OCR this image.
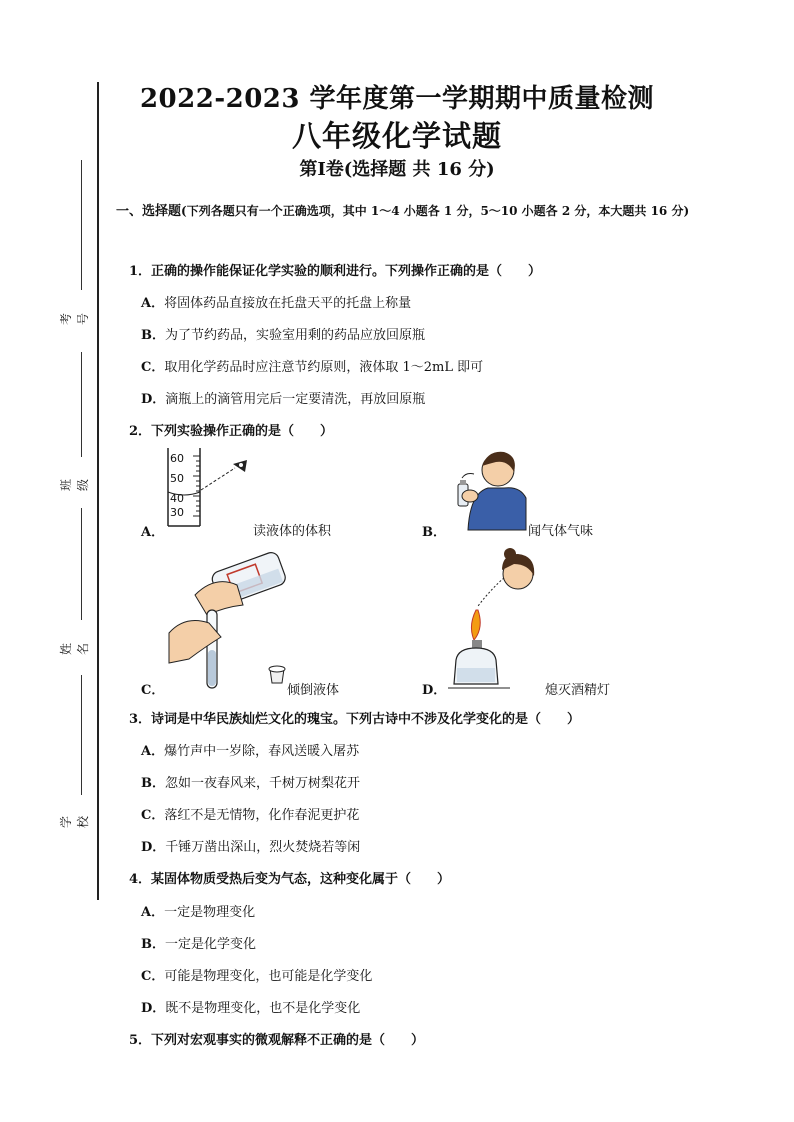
考号
班级
姓名
学校
2022-2023 学年度第一学期期中质量检测
八年级化学试题
第Ⅰ卷(选择题 共 16 分)
一、选择题(下列各题只有一个正确选项，其中 1～4 小题各 1 分，5～10 小题各 2 分，本大题共 16 分)
1．正确的操作能保证化学实验的顺利进行。下列操作正确的是（　　）
A．将固体药品直接放在托盘天平的托盘上称量
B．为了节约药品，实验室用剩的药品应放回原瓶
C．取用化学药品时应注意节约原则，液体取 1～2mL 即可
D．滴瓶上的滴管用完后一定要清洗，再放回原瓶
2．下列实验操作正确的是（　　）
60
50
40
30
A．	读液体的体积	B．	闻气体气味
C．	倾倒液体	D．	熄灭酒精灯
3．诗词是中华民族灿烂文化的瑰宝。下列古诗中不涉及化学变化的是（　　）
A．爆竹声中一岁除，春风送暖入屠苏
B．忽如一夜春风来，千树万树梨花开
C．落红不是无情物，化作春泥更护花
D．千锤万凿出深山，烈火焚烧若等闲
4．某固体物质受热后变为气态，这种变化属于（　　）
A．一定是物理变化
B．一定是化学变化
C．可能是物理变化，也可能是化学变化
D．既不是物理变化，也不是化学变化
5．下列对宏观事实的微观解释不正确的是（　　）
